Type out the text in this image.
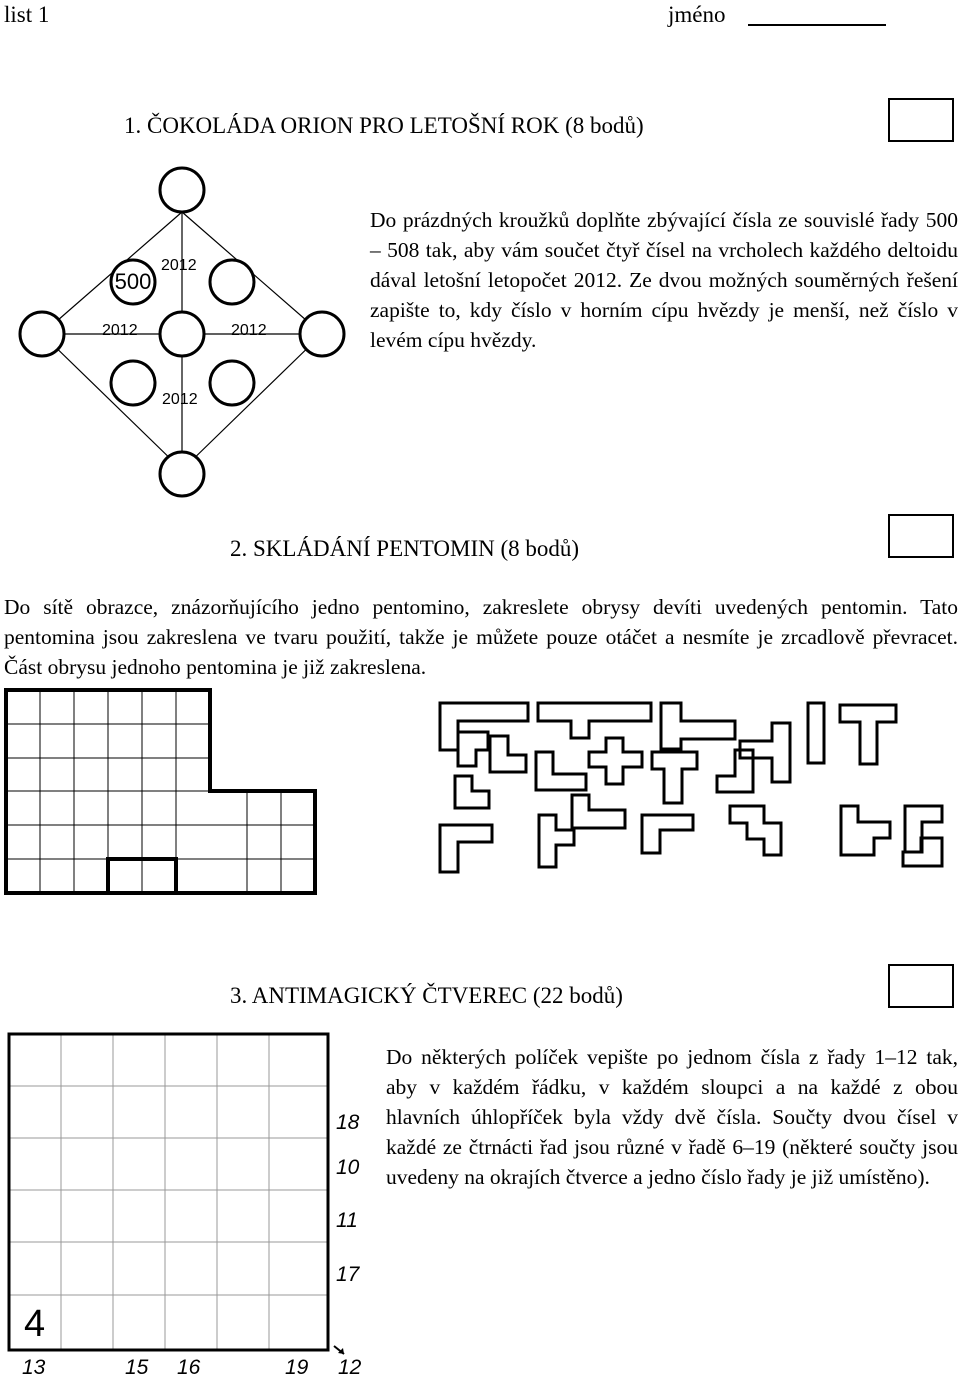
list 1	jméno
1. ČOKOLÁDA ORION PRO LETOŠNÍ ROK (8 bodů)
500
2012
2012	2012
2012
Do prázdných kroužků doplňte zbývající čísla ze souvislé řady 500 – 508 tak, aby vám součet čtyř čísel na vrcholech každého deltoidu dával letošní letopočet 2012. Ze dvou možných souměrných řešení zapište to, kdy číslo v horním cípu hvězdy je menší, než číslo v levém cípu hvězdy.
2. SKLÁDÁNÍ PENTOMIN (8 bodů)
Do sítě obrazce, znázorňujícího jedno pentomino, zakreslete obrysy devíti uvedených pentomin. Tato pentomina jsou zakreslena ve tvaru použití, takže je můžete pouze otáčet a nesmíte je zrcadlově převracet. Část obrysu jednoho pentomina je již zakreslena.
3. ANTIMAGICKÝ ČTVEREC (22 bodů)
4
18
10
11
17
13	15 16	19 12
Do některých políček vepište po jednom čísla z řady 1–12 tak, aby v každém řádku, v každém sloupci a na každé z obou hlavních úhlopříček byla vždy dvě čísla. Součty dvou čísel v každé ze čtrnácti řad jsou různé v řadě 6–19 (některé součty jsou uvedeny na okrajích čtverce a jedno číslo řady je již umístěno).
